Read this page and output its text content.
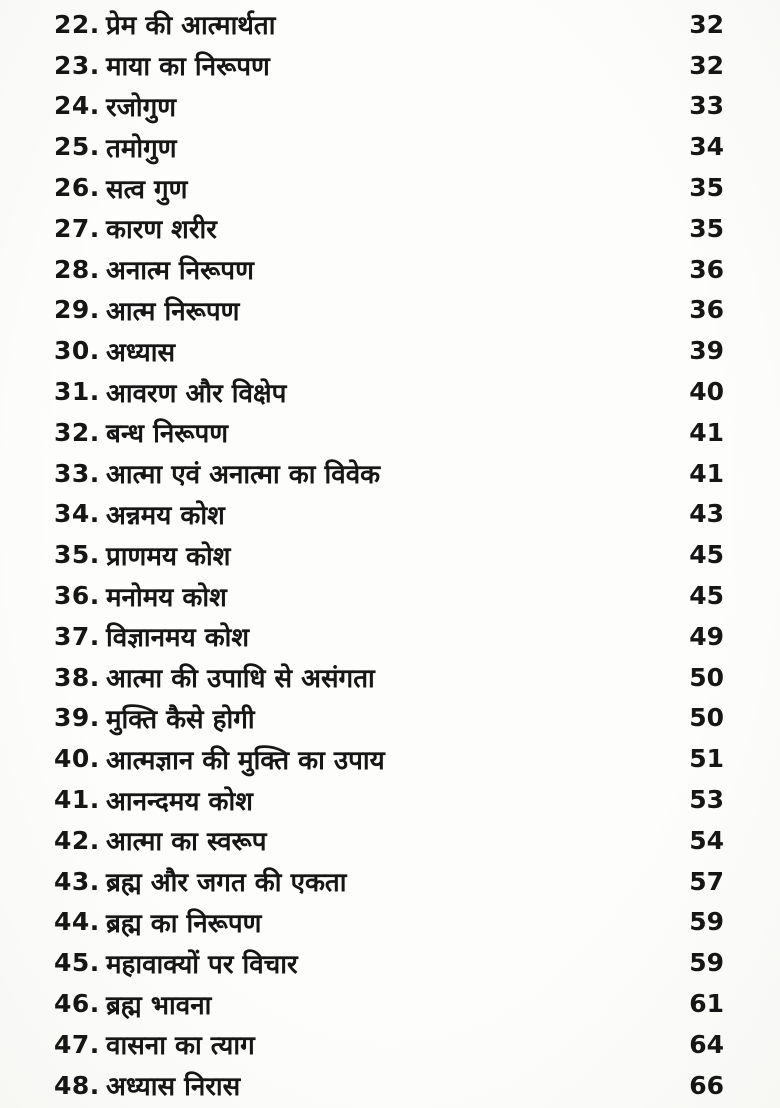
22. प्रेम की आत्मार्थता	32
23. माया का निरूपण	32
24. रजोगुण	33
25. तमोगुण	34
26. सत्व गुण	35
27. कारण शरीर	35
28. अनात्म निरूपण	36
29. आत्म निरूपण	36
30. अध्यास	39
31. आवरण और विक्षेप	40
32. बन्ध निरूपण	41
33. आत्मा एवं अनात्मा का विवेक	41
34. अन्नमय कोश	43
35. प्राणमय कोश	45
36. मनोमय कोश	45
37. विज्ञानमय कोश	49
38. आत्मा की उपाधि से असंगता	50
39. मुक्ति कैसे होगी	50
40. आत्मज्ञान की मुक्ति का उपाय	51
41. आनन्दमय कोश	53
42. आत्मा का स्वरूप	54
43. ब्रह्म और जगत की एकता	57
44. ब्रह्म का निरूपण	59
45. महावाक्यों पर विचार	59
46. ब्रह्म भावना	61
47. वासना का त्याग	64
48. अध्यास निरास	66
